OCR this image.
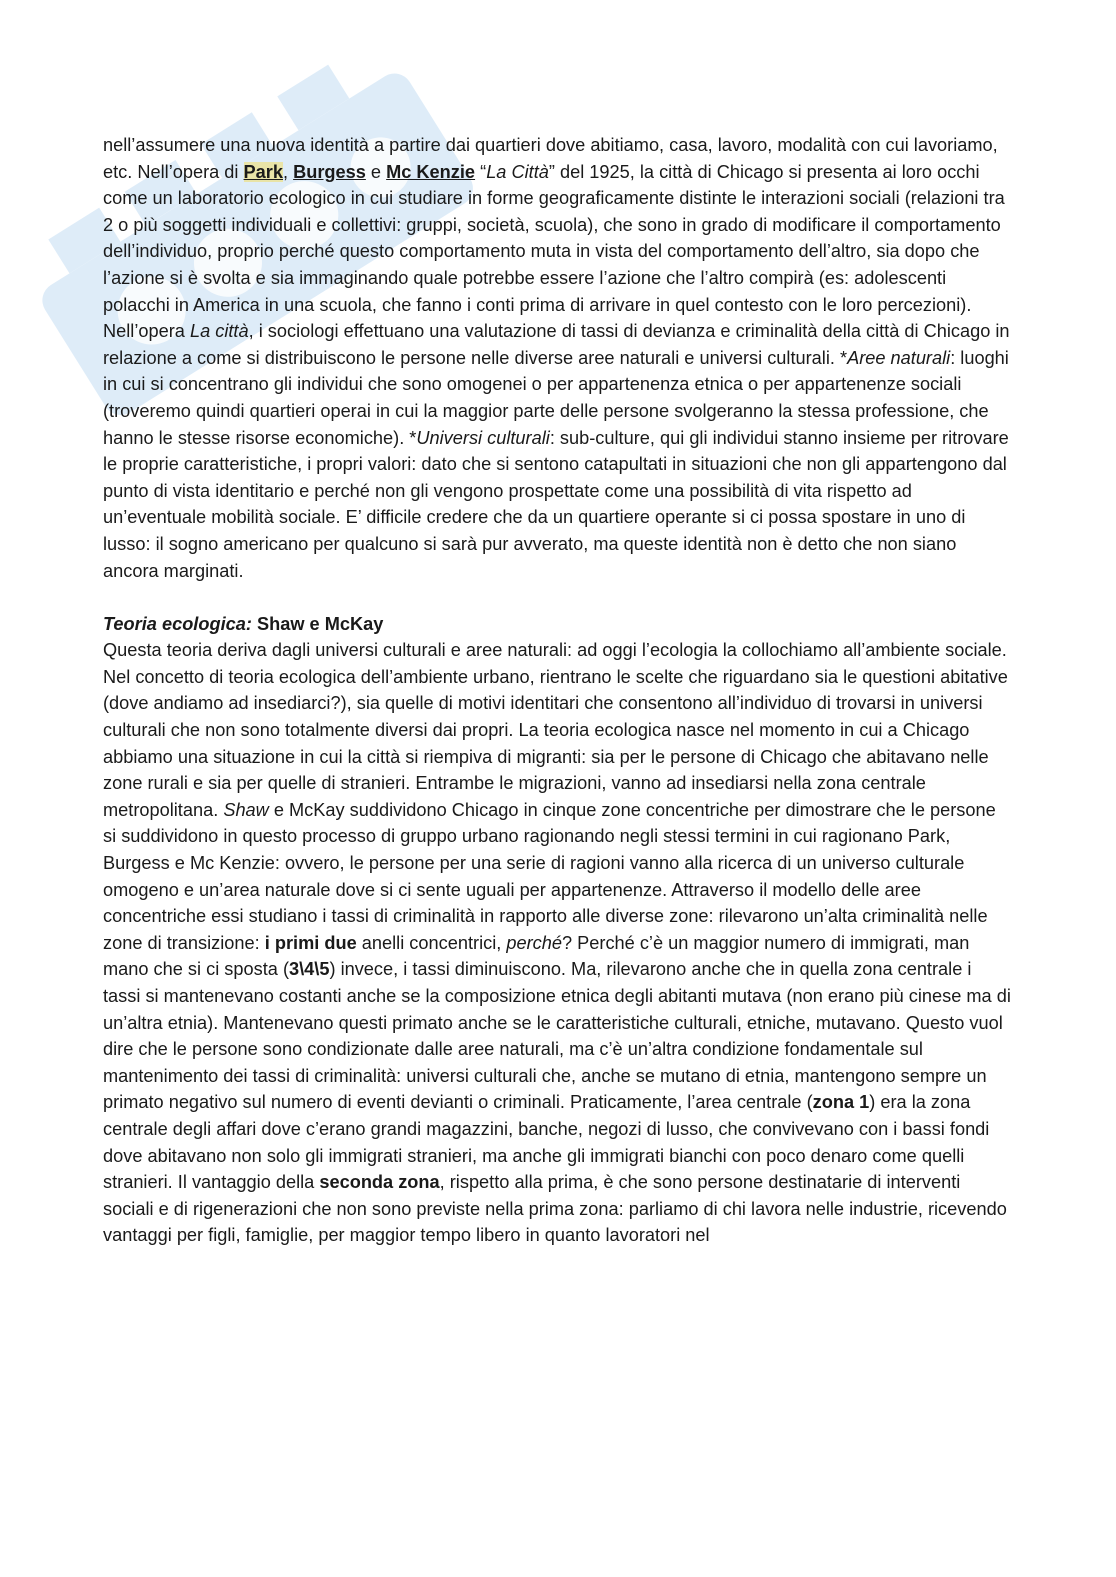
nell’assumere una nuova identità a partire dai quartieri dove abitiamo, casa, lavoro, modalità con cui lavoriamo, etc. Nell’opera di Park, Burgess e Mc Kenzie “La Città” del 1925, la città di Chicago si presenta ai loro occhi come un laboratorio ecologico in cui studiare in forme geograficamente distinte le interazioni sociali (relazioni tra 2 o più soggetti individuali e collettivi: gruppi, società, scuola), che sono in grado di modificare il comportamento dell’individuo, proprio perché questo comportamento muta in vista del comportamento dell’altro, sia dopo che l’azione si è svolta e sia immaginando quale potrebbe essere l’azione che l’altro compirà (es: adolescenti polacchi in America in una scuola, che fanno i conti prima di arrivare in quel contesto con le loro percezioni).

Nell’opera La città, i sociologi effettuano una valutazione di tassi di devianza e criminalità della città di Chicago in relazione a come si distribuiscono le persone nelle diverse aree naturali e universi culturali. *Aree naturali: luoghi in cui si concentrano gli individui che sono omogenei o per appartenenza etnica o per appartenenze sociali (troveremo quindi quartieri operai in cui la maggior parte delle persone svolgeranno la stessa professione, che hanno le stesse risorse economiche). *Universi culturali: sub-culture, qui gli individui stanno insieme per ritrovare le proprie caratteristiche, i propri valori: dato che si sentono catapultati in situazioni che non gli appartengono dal punto di vista identitario e perché non gli vengono prospettate come una possibilità di vita rispetto ad un’eventuale mobilità sociale. E’ difficile credere che da un quartiere operante si ci possa spostare in uno di lusso: il sogno americano per qualcuno si sarà pur avverato, ma queste identità non è detto che non siano ancora marginati.

Teoria ecologica: Shaw e McKay

Questa teoria deriva dagli universi culturali e aree naturali: ad oggi l’ecologia la collochiamo all’ambiente sociale. Nel concetto di teoria ecologica dell’ambiente urbano, rientrano le scelte che riguardano sia le questioni abitative (dove andiamo ad insediarci?), sia quelle di motivi identitari che consentono all’individuo di trovarsi in universi culturali che non sono totalmente diversi dai propri. La teoria ecologica nasce nel momento in cui a Chicago abbiamo una situazione in cui la città si riempiva di migranti: sia per le persone di Chicago che abitavano nelle zone rurali e sia per quelle di stranieri. Entrambe le migrazioni, vanno ad insediarsi nella zona centrale metropolitana. Shaw e McKay suddividono Chicago in cinque zone concentriche per dimostrare che le persone si suddividono in questo processo di gruppo urbano ragionando negli stessi termini in cui ragionano Park, Burgess e Mc Kenzie: ovvero, le persone per una serie di ragioni vanno alla ricerca di un universo culturale omogeno e un’area naturale dove si ci sente uguali per appartenenze. Attraverso il modello delle aree concentriche essi studiano i tassi di criminalità in rapporto alle diverse zone: rilevarono un’alta criminalità nelle zone di transizione: i primi due anelli concentrici, perché? Perché c’è un maggior numero di immigrati, man mano che si ci sposta (3\4\5) invece, i tassi diminuiscono. Ma, rilevarono anche che in quella zona centrale i tassi si mantenevano costanti anche se la composizione etnica degli abitanti mutava (non erano più cinese ma di un’altra etnia). Mantenevano questi primato anche se le caratteristiche culturali, etniche, mutavano. Questo vuol dire che le persone sono condizionate dalle aree naturali, ma c’è un’altra condizione fondamentale sul mantenimento dei tassi di criminalità: universi culturali che, anche se mutano di etnia, mantengono sempre un primato negativo sul numero di eventi devianti o criminali. Praticamente, l’area centrale (zona 1) era la zona centrale degli affari dove c’erano grandi magazzini, banche, negozi di lusso, che convivevano con i bassi fondi dove abitavano non solo gli immigrati stranieri, ma anche gli immigrati bianchi con poco denaro come quelli stranieri. Il vantaggio della seconda zona, rispetto alla prima, è che sono persone destinatarie di interventi sociali e di rigenerazioni che non sono previste nella prima zona: parliamo di chi lavora nelle industrie, ricevendo vantaggi per figli, famiglie, per maggior tempo libero in quanto lavoratori nel
